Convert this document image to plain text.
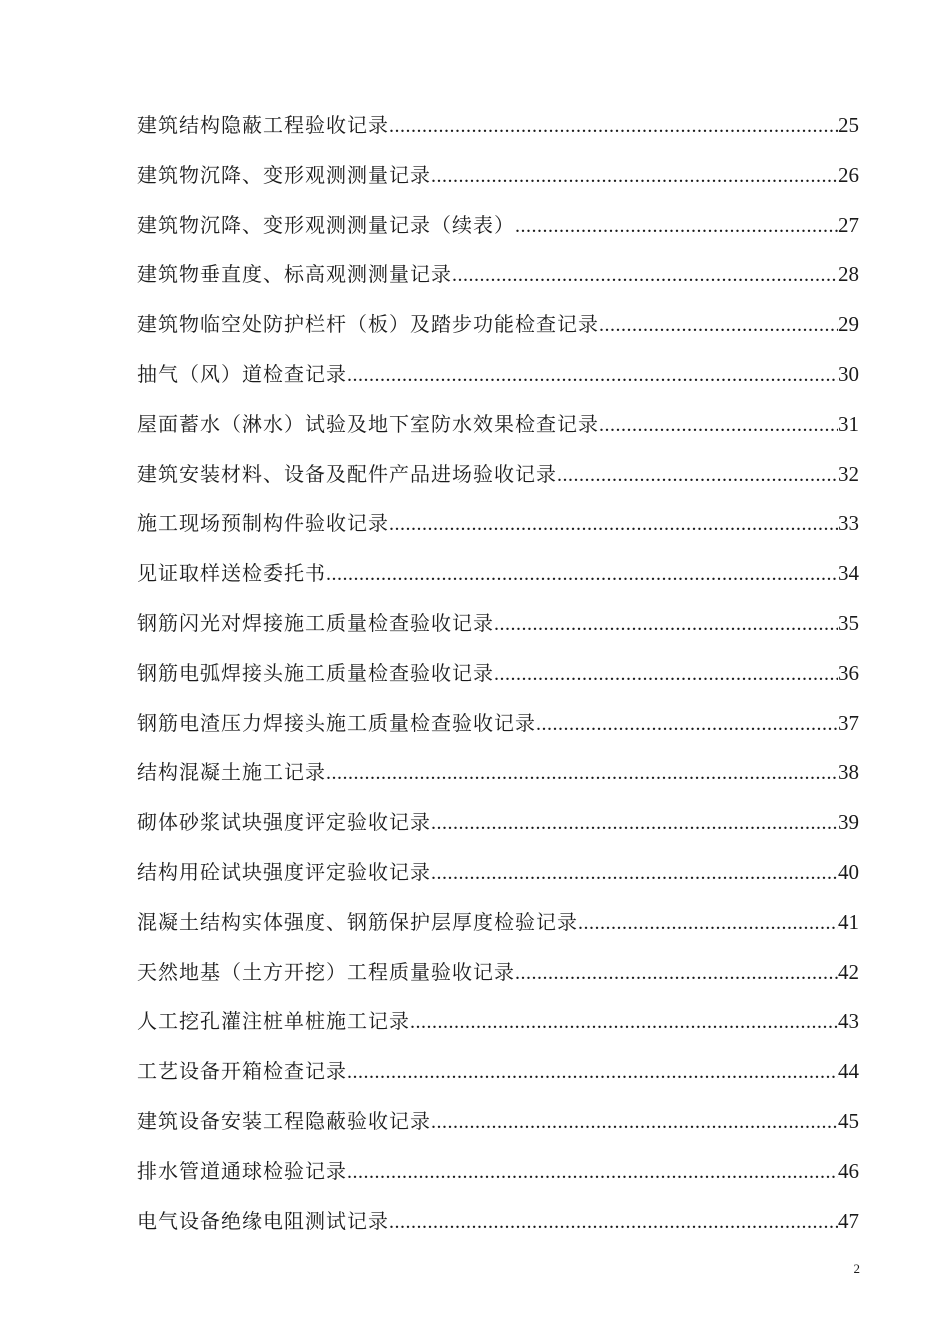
建筑结构隐蔽工程验收记录 .....	25
建筑物沉降、变形观测测量记录 .....	26
建筑物沉降、变形观测测量记录（续表） .....	27
建筑物垂直度、标高观测测量记录 .....	28
建筑物临空处防护栏杆（板）及踏步功能检查记录 .....	29
抽气（风）道检查记录 .....	30
屋面蓄水（淋水）试验及地下室防水效果检查记录 .....	31
建筑安装材料、设备及配件产品进场验收记录 .....	32
施工现场预制构件验收记录 .....	33
见证取样送检委托书 .....	34
钢筋闪光对焊接施工质量检查验收记录 .....	35
钢筋电弧焊接头施工质量检查验收记录 .....	36
钢筋电渣压力焊接头施工质量检查验收记录 .....	37
结构混凝土施工记录 .....	38
砌体砂浆试块强度评定验收记录 .....	39
结构用砼试块强度评定验收记录 .....	40
混凝土结构实体强度、钢筋保护层厚度检验记录 .....	41
天然地基（土方开挖）工程质量验收记录 .....	42
人工挖孔灌注桩单桩施工记录 .....	43
工艺设备开箱检查记录 .....	44
建筑设备安装工程隐蔽验收记录 .....	45
排水管道通球检验记录 .....	46
电气设备绝缘电阻测试记录 .....	47
2
